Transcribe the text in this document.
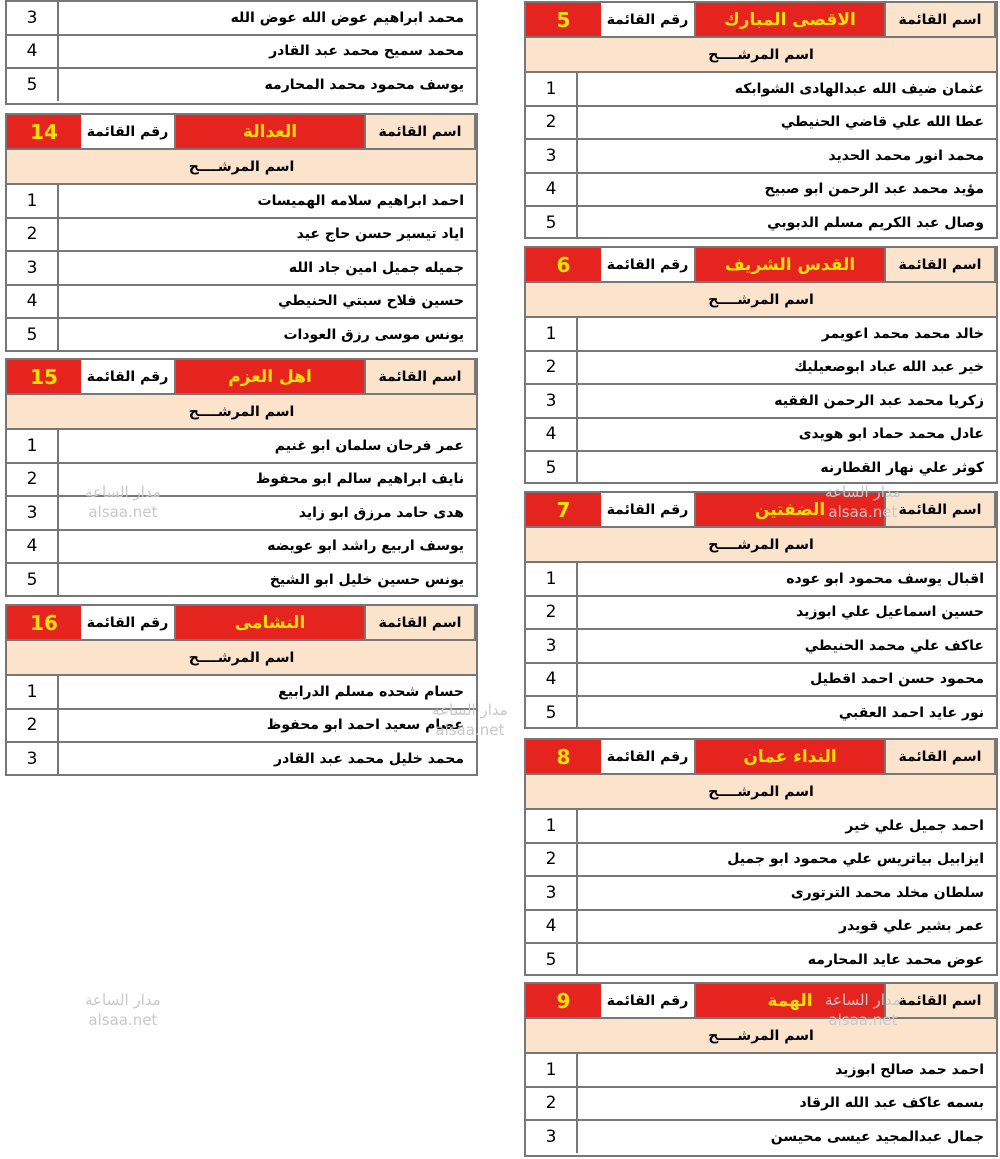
3	محمد ابراهيم عوض الله عوض الله
4	محمد سميح محمد عبد القادر
5	يوسف محمود محمد المحارمه
14	رقم القائمة	العدالة	اسم القائمة
اسم المرشــــح
1	احمد ابراهيم سلامه الهميسات
2	اياد تيسير حسن حاج عيد
3	جميله جميل امين جاد الله
4	حسين فلاح سبتي الحنيطي
5	يونس موسى رزق العودات
15	رقم القائمة	اهل العزم	اسم القائمة
اسم المرشــــح
1	عمر فرحان سلمان ابو غنيم
2	نايف ابراهيم سالم ابو محفوظ
3	هدى حامد مرزق ابو زايد
4	يوسف اربيع راشد ابو عويضه
5	يونس حسين خليل ابو الشيخ
16	رقم القائمة	النشامى	اسم القائمة
اسم المرشــــح
1	حسام شحده مسلم الدرابيع
2	عصام سعيد احمد ابو محفوظ
3	محمد خليل محمد عبد القادر
5	رقم القائمة	الاقصى المبارك	اسم القائمة
اسم المرشــــح
1	عثمان ضيف الله عبدالهادى الشوابكه
2	عطا الله علي قاضي الحنيطي
3	محمد انور محمد الحديد
4	مؤيد محمد عبد الرحمن ابو صبيح
5	وصال عبد الكريم مسلم الدبوبي
6	رقم القائمة	القدس الشريف	اسم القائمة
اسم المرشــــح
1	خالد محمد محمد اعويمر
2	خير عبد الله عباد ابوصعيليك
3	زكريا محمد عبد الرحمن الفقيه
4	عادل محمد حماد ابو هويدى
5	كوثر علي نهار القطارنه
7	رقم القائمة	الضفتين	اسم القائمة
اسم المرشــــح
1	اقبال يوسف محمود ابو عوده
2	حسين اسماعيل علي ابوزيد
3	عاكف علي محمد الحنيطي
4	محمود حسن احمد اقطيل
5	نور عايد احمد العقبي
8	رقم القائمة	النداء عمان	اسم القائمة
اسم المرشــــح
1	احمد جميل علي خير
2	ايزابيل بياتريس علي محمود ابو جميل
3	سلطان مخلد محمد الترتورى
4	عمر بشير علي قويدر
5	عوض محمد عايد المحارمه
9	رقم القائمة	الهمة	اسم القائمة
اسم المرشــــح
1	احمد حمد صالح ابوزيد
2	بسمه عاكف عبد الله الرقاد
3	جمال عبدالمجيد عيسى محيسن
مدار الساعة
alsaa.net
مدار الساعة
alsaa.net
مدار الساعة
alsaa.net
مدار الساعة
alsaa.net
مدار الساعة
alsaa.net
